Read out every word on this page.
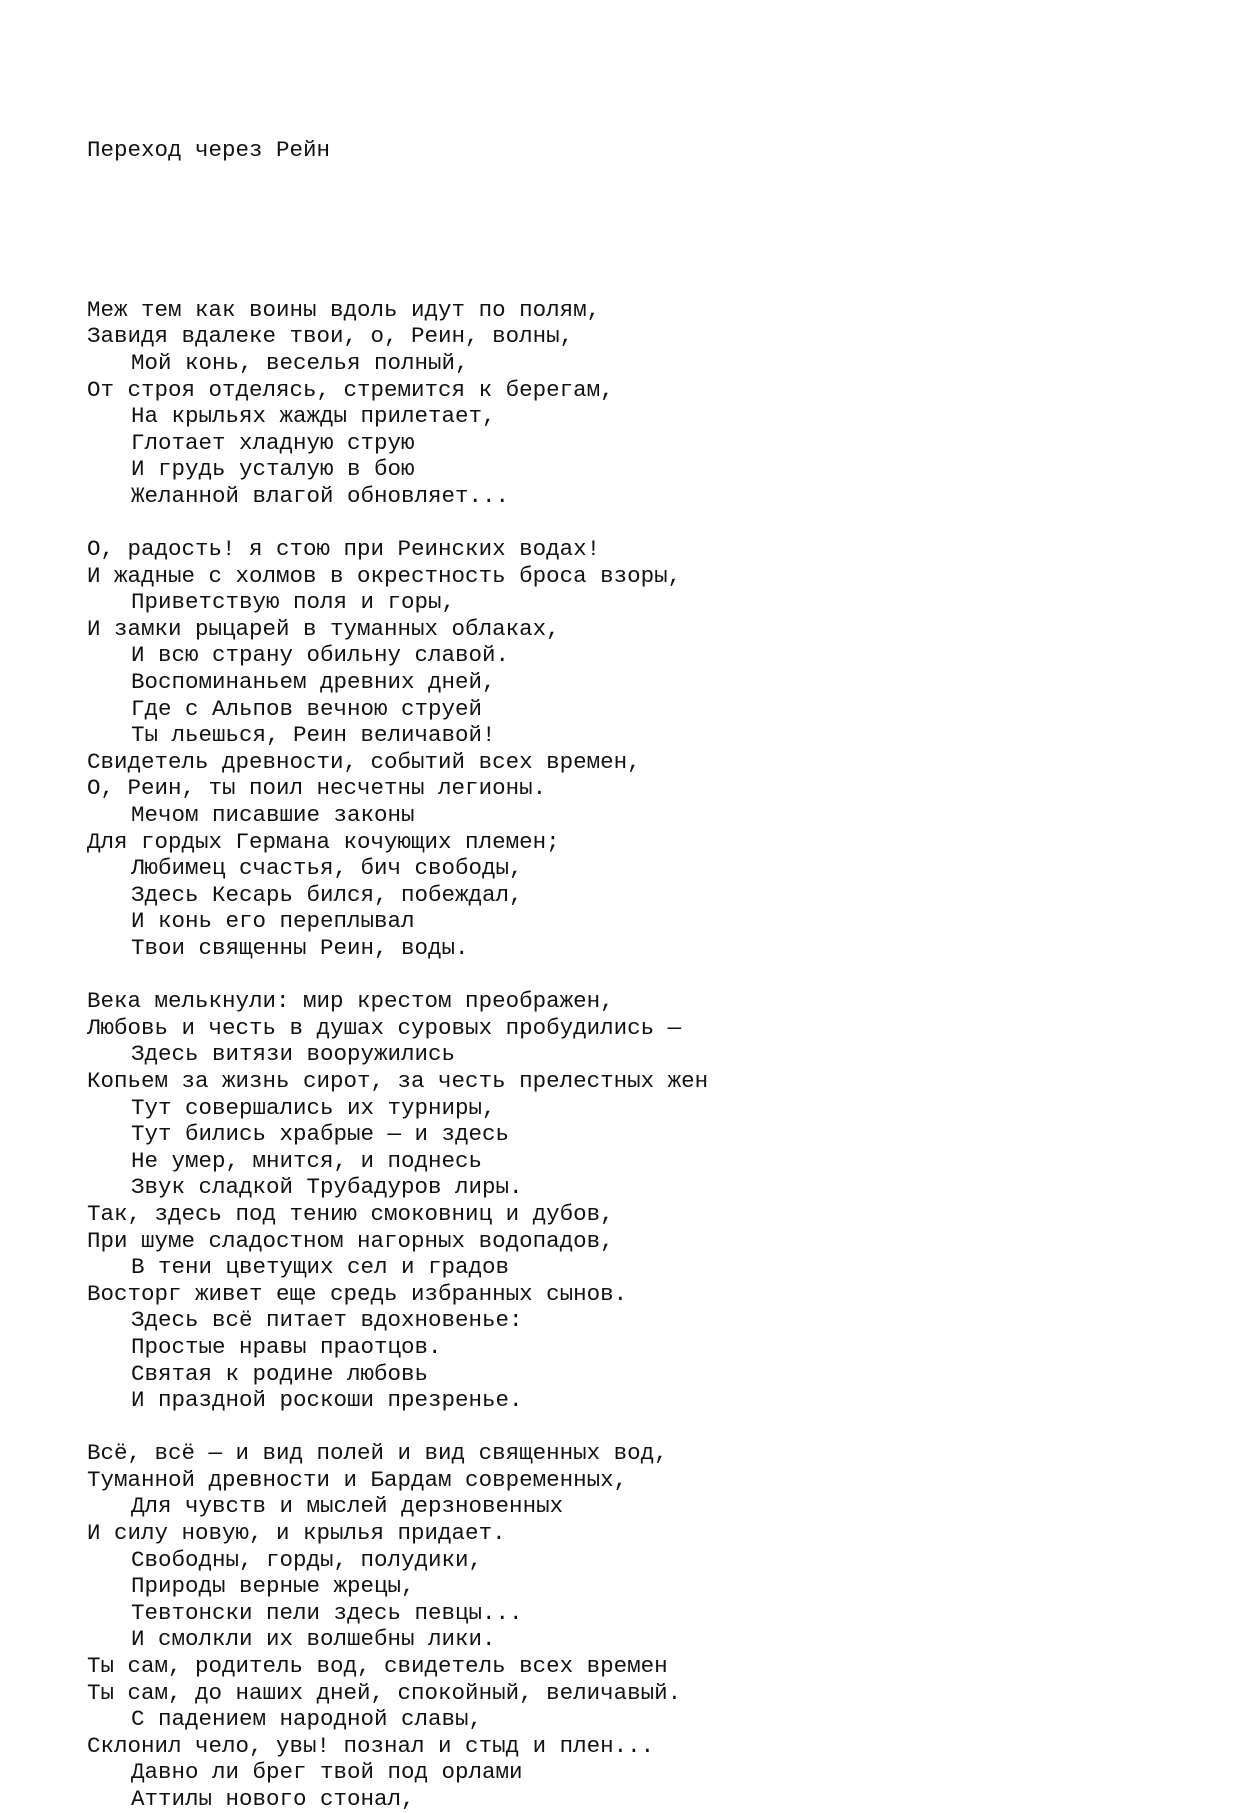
Переход через Рейн

Меж тем как воины вдоль идут по полям,
Завидя вдалеке твои, о, Реин, волны,
Мой конь, веселья полный,
От строя отделясь, стремится к берегам,
На крыльях жажды прилетает,
Глотает хладную струю
И грудь усталую в бою
Желанной влагой обновляет...
О, радость! я стою при Реинских водах!
И жадные с холмов в окрестность броса взоры,
Приветствую поля и горы,
И замки рыцарей в туманных облаках,
И всю страну обильну славой.
Воспоминаньем древних дней,
Где с Альпов вечною струей
Ты льешься, Реин величавой!
Свидетель древности, событий всех времен,
О, Реин, ты поил несчетны легионы.
Мечом писавшие законы
Для гордых Германа кочующих племен;
Любимец счастья, бич свободы,
Здесь Кесарь бился, побеждал,
И конь его переплывал
Твои священны Реин, воды.
Века мелькнули: мир крестом преображен,
Любовь и честь в душах суровых пробудились —
Здесь витязи вооружились
Копьем за жизнь сирот, за честь прелестных жен
Тут совершались их турниры,
Тут бились храбрые — и здесь
Не умер, мнится, и поднесь
Звук сладкой Трубадуров лиры.
Так, здесь под тению смоковниц и дубов,
При шуме сладостном нагорных водопадов,
В тени цветущих сел и градов
Восторг живет еще средь избранных сынов.
Здесь всё питает вдохновенье:
Простые нравы праотцов.
Святая к родине любовь
И праздной роскоши презренье.
Всё, всё — и вид полей и вид священных вод,
Туманной древности и Бардам современных,
Для чувств и мыслей дерзновенных
И силу новую, и крылья придает.
Свободны, горды, полудики,
Природы верные жрецы,
Тевтонски пели здесь певцы...
И смолкли их волшебны лики.
Ты сам, родитель вод, свидетель всех времен
Ты сам, до наших дней, спокойный, величавый.
С падением народной славы,
Склонил чело, увы! познал и стыд и плен...
Давно ли брег твой под орлами
Аттилы нового стонал,
